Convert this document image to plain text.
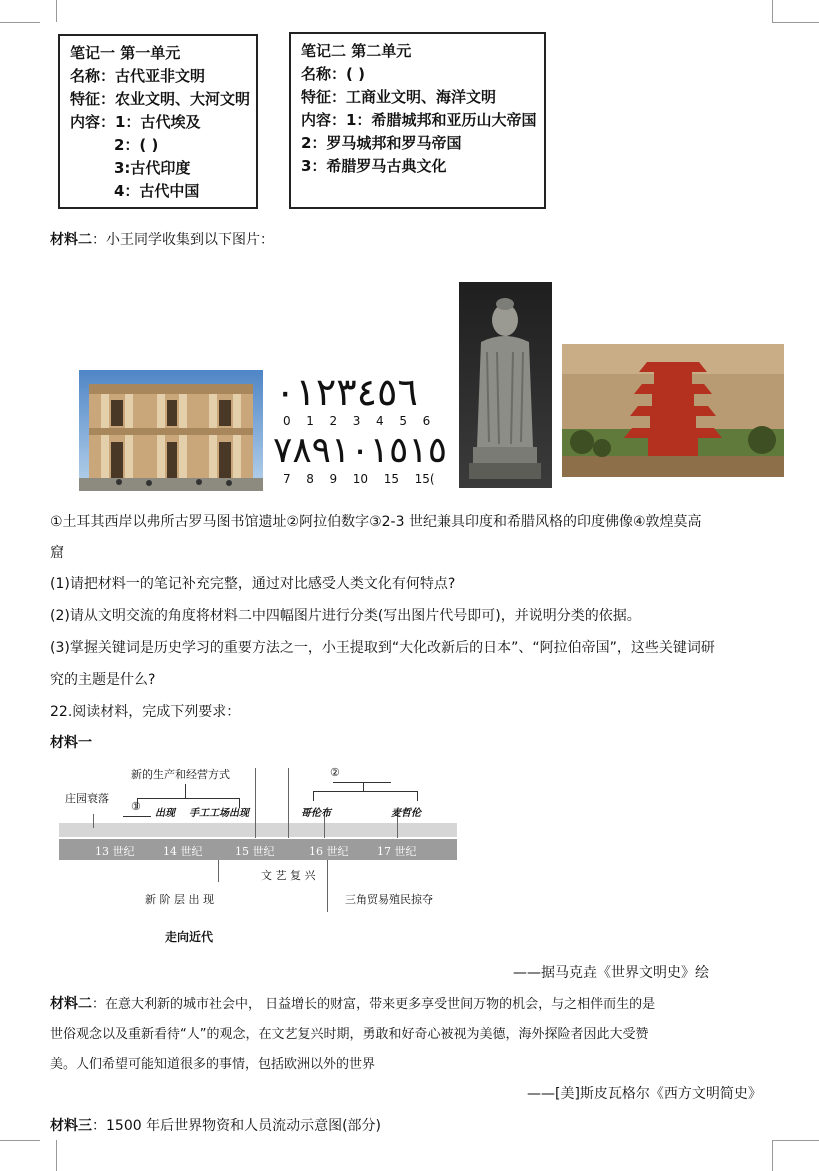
笔记一 第一单元
名称：古代亚非文明
特征：农业文明、大河文明
内容：1：古代埃及
2：( )
3:古代印度
4：古代中国
笔记二 第二单元
名称：( )
特征：工商业文明、海洋文明
内容：1：希腊城邦和亚历山大帝国
2：罗马城邦和罗马帝国
3：希腊罗马古典文化
材料二：小王同学收集到以下图片：
٠١٢٣٤٥٦
0  1  2  3  4  5  6
٧٨٩١٠١٥١٥
7  8  9  10  15  15(
①土耳其西岸以弗所古罗马图书馆遗址②阿拉伯数字③2-3 世纪兼具印度和希腊风格的印度佛像④敦煌莫高
窟
(1)请把材料一的笔记补充完整，通过对比感受人类文化有何特点?
(2)请从文明交流的角度将材料二中四幅图片进行分类(写出图片代号即可)，并说明分类的依据。
(3)掌握关键词是历史学习的重要方法之一，小王提取到“大化改新后的日本”、“阿拉伯帝国”，这些关键词研
究的主题是什么?
22.阅读材料，完成下列要求：
材料一
13 世纪	14 世纪	15 世纪	16 世纪	17 世纪
庄园衰落
新的生产和经营方式
①
出现 手工工场出现
②
哥伦布	麦哲伦
文 艺 复 兴
新 阶 层 出 现	三角贸易殖民掠夺
走向近代
——据马克垚《世界文明史》绘
材料二：在意大利新的城市社会中， 日益增长的财富，带来更多享受世间万物的机会，与之相伴而生的是
世俗观念以及重新看待“人”的观念，在文艺复兴时期，勇敢和好奇心被视为美德，海外探险者因此大受赞
美。人们希望可能知道很多的事情，包括欧洲以外的世界
——[美]斯皮瓦格尔《西方文明简史》
材料三：1500 年后世界物资和人员流动示意图(部分)
